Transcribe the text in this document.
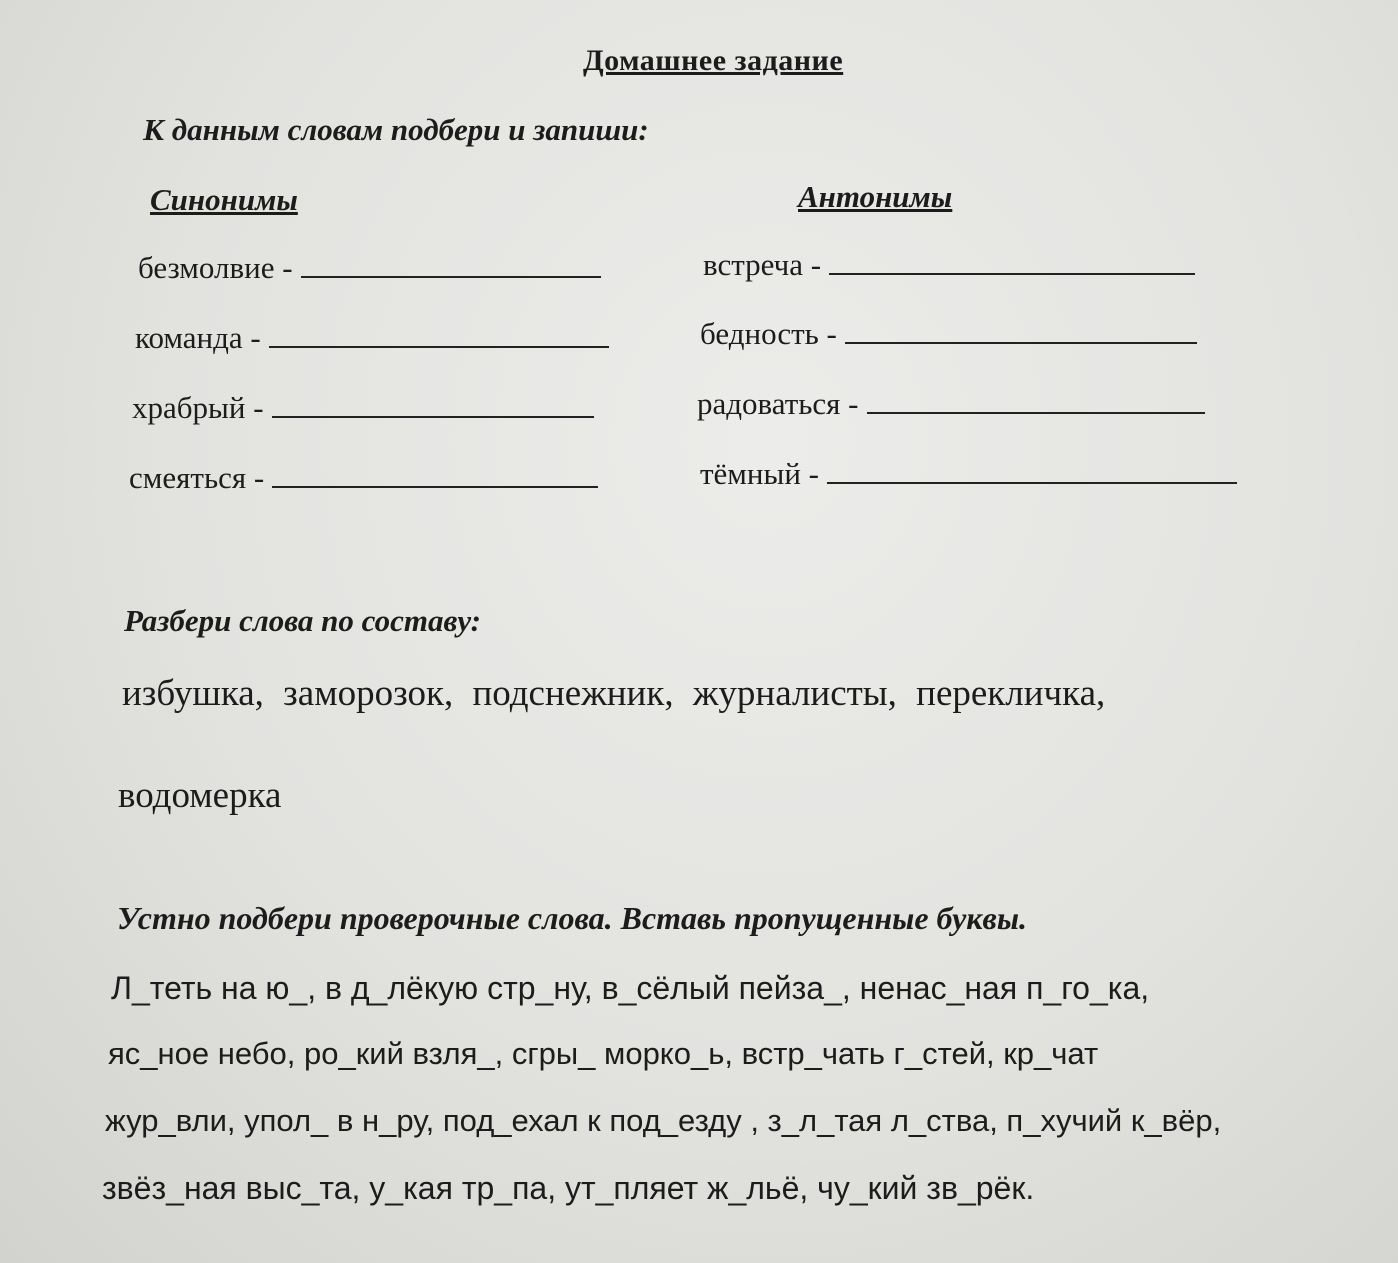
Домашнее задание
К данным словам подбери и запиши:
Синонимы	Антонимы
безмолвие -
команда -
храбрый -
смеяться -
встреча -
бедность -
радоваться -
тёмный -
Разбери слова по составу:
избушка, заморозок, подснежник, журналисты, перекличка,
водомерка
Устно подбери проверочные слова. Вставь пропущенные буквы.
Л_теть на ю_, в д_лёкую стр_ну, в_сёлый пейза_, ненас_ная п_го_ка,
яс_ное небо, ро_кий взля_, сгры_ морко_ь, встр_чать г_стей, кр_чат
жур_вли, упол_ в н_ру, под_ехал к под_езду , з_л_тая л_ства, п_хучий к_вёр,
звёз_ная выс_та, у_кая тр_па, ут_пляет ж_льё, чу_кий зв_рёк.
